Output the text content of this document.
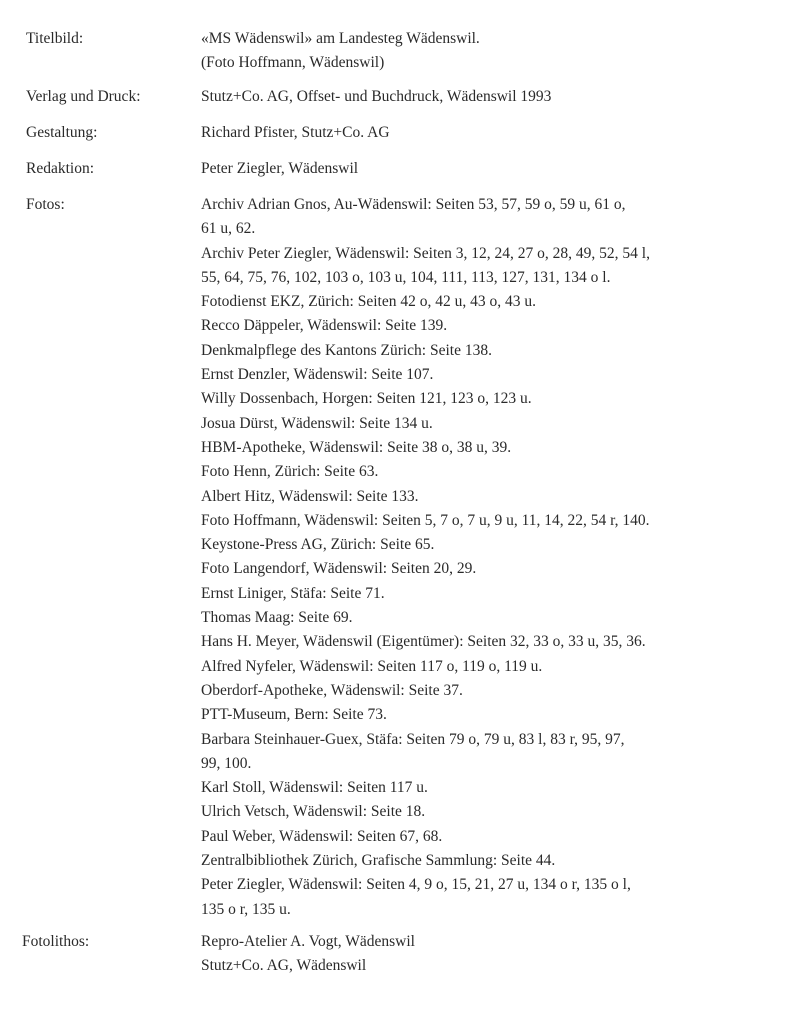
Titelbild:	«MS Wädenswil» am Landesteg Wädenswil.
(Foto Hoffmann, Wädenswil)
Verlag und Druck:	Stutz+Co. AG, Offset- und Buchdruck, Wädenswil 1993
Gestaltung:	Richard Pfister, Stutz+Co. AG
Redaktion:	Peter Ziegler, Wädenswil
Fotos:	Archiv Adrian Gnos, Au-Wädenswil: Seiten 53, 57, 59 o, 59 u, 61 o,
61 u, 62.
Archiv Peter Ziegler, Wädenswil: Seiten 3, 12, 24, 27 o, 28, 49, 52, 54 l,
55, 64, 75, 76, 102, 103 o, 103 u, 104, 111, 113, 127, 131, 134 o l.
Fotodienst EKZ, Zürich: Seiten 42 o, 42 u, 43 o, 43 u.
Recco Däppeler, Wädenswil: Seite 139.
Denkmalpflege des Kantons Zürich: Seite 138.
Ernst Denzler, Wädenswil: Seite 107.
Willy Dossenbach, Horgen: Seiten 121, 123 o, 123 u.
Josua Dürst, Wädenswil: Seite 134 u.
HBM-Apotheke, Wädenswil: Seite 38 o, 38 u, 39.
Foto Henn, Zürich: Seite 63.
Albert Hitz, Wädenswil: Seite 133.
Foto Hoffmann, Wädenswil: Seiten 5, 7 o, 7 u, 9 u, 11, 14, 22, 54 r, 140.
Keystone-Press AG, Zürich: Seite 65.
Foto Langendorf, Wädenswil: Seiten 20, 29.
Ernst Liniger, Stäfa: Seite 71.
Thomas Maag: Seite 69.
Hans H. Meyer, Wädenswil (Eigentümer): Seiten 32, 33 o, 33 u, 35, 36.
Alfred Nyfeler, Wädenswil: Seiten 117 o, 119 o, 119 u.
Oberdorf-Apotheke, Wädenswil: Seite 37.
PTT-Museum, Bern: Seite 73.
Barbara Steinhauer-Guex, Stäfa: Seiten 79 o, 79 u, 83 l, 83 r, 95, 97,
99, 100.
Karl Stoll, Wädenswil: Seiten 117 u.
Ulrich Vetsch, Wädenswil: Seite 18.
Paul Weber, Wädenswil: Seiten 67, 68.
Zentralbibliothek Zürich, Grafische Sammlung: Seite 44.
Peter Ziegler, Wädenswil: Seiten 4, 9 o, 15, 21, 27 u, 134 o r, 135 o l,
135 o r, 135 u.
Fotolithos:	Repro-Atelier A. Vogt, Wädenswil
Stutz+Co. AG, Wädenswil
